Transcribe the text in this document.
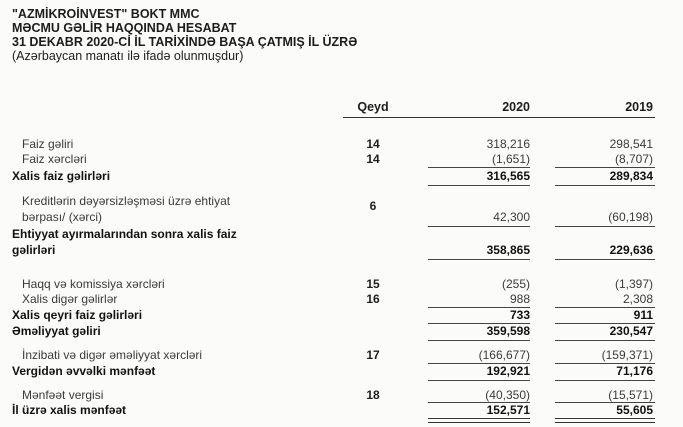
"AZMİKROİNVEST" BOKT MMC
MƏCMU GƏLİR HAQQINDA HESABAT
31 DEKABR 2020-Cİ İL TARİXİNDƏ BAŞA ÇATMIŞ İL ÜZRƏ
(Azərbaycan manatı ilə ifadə olunmuşdur)
Qeyd	2020	2019
Faiz gəliri	14	318,216	298,541
Faiz xərcləri	14	(1,651)	(8,707)
Xalis faiz gəlirləri	316,565	289,834
Kreditlərin dəyərsizləşməsi üzrə ehtiyat	6
bərpası/ (xərci)	42,300	(60,198)
Ehtiyyat ayırmalarından sonra xalis faiz
gəlirləri	358,865	229,636
Haqq və komissiya xərcləri	15	(255)	(1,397)
Xalis digər gəlirlər	16	988	2,308
Xalis qeyri faiz gəlirləri	733	911
Əməliyyat gəliri	359,598	230,547
İnzibati və digər əməliyyat xərcləri	17	(166,677)	(159,371)
Vergidən əvvəlki mənfəət	192,921	71,176
Mənfəət vergisi	18	(40,350)	(15,571)
İl üzrə xalis mənfəət	152,571	55,605
